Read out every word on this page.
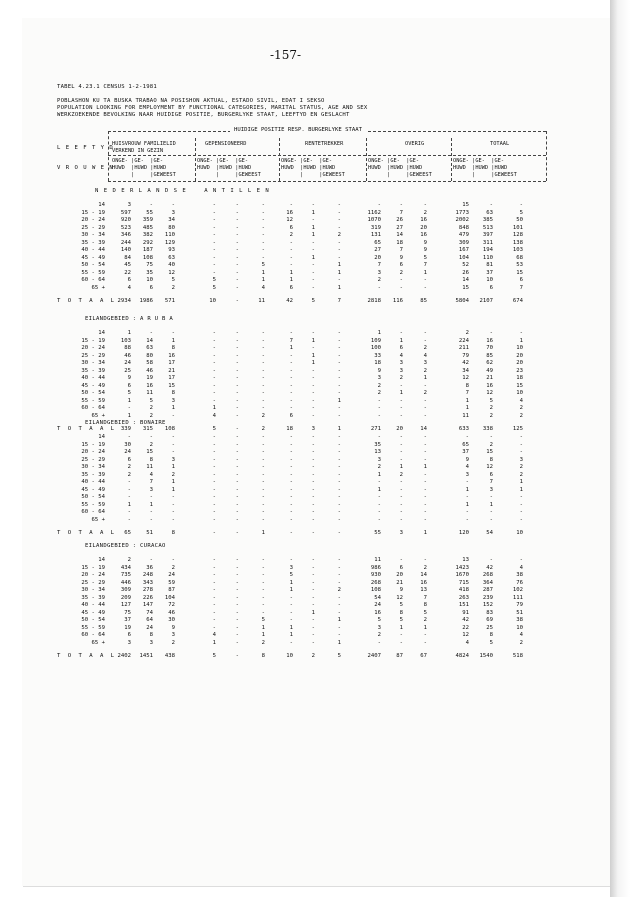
-157-
TABEL 4.23.1 CENSUS 1-2-1981
POBLASHON KU TA BUSKA TRABAO NA POSISHON AKTUAL, ESTADO SIVIL, EDAT I SEKSO
POPULATION LOOKING FOR EMPLOYMENT BY FUNCTIONAL CATEGORIES, MARITAL STATUS, AGE AND SEX
WERKZOEKENDE BEVOLKING NAAR HUIDIGE POSITIE, BURGERLYKE STAAT, LEEFTYD EN GESLACHT
HUIDIGE POSITIE RESP. BURGERLYKE STAAT
L E E F T Y D
V R O U W E N
HUISVROUW FAMILIELID
VERKEND IN GEZIN
GEPENSIONEERD	RENTETREKKER	OVERIG	TOTAAL
ONGE- |GE-  |GE-
HUWD  |HUWD |HUWD
|     |GEWEEST
ONGE- |GE-  |GE-
HUWD  |HUWD |HUWD
|     |GEWEEST
ONGE- |GE-  |GE-
HUWD  |HUWD |HUWD
|     |GEWEEST
ONGE- |GE-  |GE-
HUWD  |HUWD |HUWD
|     |GEWEEST
ONGE- |GE-  |GE-
HUWD  |HUWD |HUWD
|     |GEWEEST
N E D E R L A N D S E    A N T I L L E N
14	3	-	-	-	-	-	-	-	-	-	-	-	15	-	-
15 - 19	597	55	3	-	-	-	16	1	-	1162	7	2	1773	63	5
20 - 24	920	359	34	-	-	-	12	-	-	1070	26	16	2002	385	50
25 - 29	523	485	80	-	-	-	6	1	-	319	27	20	848	513	101
30 - 34	346	382	110	-	-	-	2	1	2	131	14	16	479	397	128
35 - 39	244	292	129	-	-	-	-	-	-	65	18	9	309	311	138
40 - 44	140	187	93	-	-	-	-	-	-	27	7	9	167	194	103
45 - 49	84	108	63	-	-	-	-	1	-	20	9	5	104	110	68
50 - 54	45	75	40	-	-	5	-	-	1	7	6	7	52	81	53
55 - 59	22	35	12	-	-	1	1	-	1	3	2	1	26	37	15
60 - 64	6	10	5	5	-	1	1	-	-	2	-	-	14	10	6
65 +	4	6	2	5	-	4	6	-	1	-	-	-	15	6	7
T O T A A L 2934	1986	571	10	-	11	42	5	7	2818	116	85	5804	2107	674
EILANDGEBIED : A R U B A
14	1	-	-	-	-	-	-	-	-	1	-	-	2	-	-
15 - 19	103	14	1	-	-	-	7	1	-	109	1	-	224	16	1
20 - 24	88	63	8	-	-	-	1	-	-	100	6	2	211	70	10
25 - 29	46	80	16	-	-	-	-	1	-	33	4	4	79	85	20
30 - 34	24	58	17	-	-	-	-	1	-	18	3	3	42	62	20
35 - 39	25	46	21	-	-	-	-	-	-	9	3	2	34	49	23
40 - 44	9	19	17	-	-	-	-	-	-	3	2	1	12	21	18
45 - 49	6	16	15	-	-	-	-	-	-	2	-	-	8	16	15
50 - 54	5	11	8	-	-	-	-	-	-	2	1	2	7	12	10
55 - 59	1	5	3	-	-	-	-	-	1	-	-	-	1	5	4
60 - 64	-	2	1	1	-	-	-	-	-	-	-	-	1	2	2
65 +	1	2	-	4	-	2	6	-	-	-	-	-	11	2	2
T O T A A L 339	315	108	5	-	2	18	3	1	271	20	14	633	338	125
EILANDGEBIED : BONAIRE
14	-	-	-	-	-	-	-	-	-	-	-	-	-	-	-
15 - 19	30	2	-	-	-	-	-	-	-	35	-	-	65	2	-
20 - 24	24	15	-	-	-	-	-	-	-	13	-	-	37	15	-
25 - 29	6	8	3	-	-	-	-	-	-	3	-	-	9	8	3
30 - 34	2	11	1	-	-	-	-	-	-	2	1	1	4	12	2
35 - 39	2	4	2	-	-	-	-	-	-	1	2	-	3	6	2
40 - 44	-	7	1	-	-	-	-	-	-	-	-	-	-	7	1
45 - 49	-	3	1	-	-	-	-	-	-	1	-	-	1	3	1
50 - 54	-	-	-	-	-	-	-	-	-	-	-	-	-	-	-
55 - 59	1	1	-	-	-	-	-	-	-	-	-	-	1	1	-
60 - 64	-	-	-	-	-	-	-	-	-	-	-	-	-	-	-
65 +	-	-	-	-	-	-	-	-	-	-	-	-	-	-	-
T O T A A L	65	51	8	-	-	1	-	-	-	55	3	1	120	54	10
EILANDGEBIED : CURACAO
14	2	-	-	-	-	-	-	-	-	11	-	-	13	-	-
15 - 19	434	36	2	-	-	-	3	-	-	986	6	2	1423	42	4
20 - 24	735	248	24	-	-	-	5	-	-	930	20	14	1670	268	38
25 - 29	446	343	59	-	-	-	1	-	-	268	21	16	715	364	76
30 - 34	309	278	87	-	-	-	1	-	2	108	9	13	418	287	102
35 - 39	209	226	104	-	-	-	-	-	-	54	12	7	263	239	111
40 - 44	127	147	72	-	-	-	-	-	-	24	5	8	151	152	79
45 - 49	75	74	46	-	-	-	-	1	-	16	8	5	91	83	51
50 - 54	37	64	30	-	-	5	-	-	1	5	5	2	42	69	38
55 - 59	19	24	9	-	-	1	1	-	-	3	1	1	22	25	10
60 - 64	6	8	3	4	-	1	1	-	-	2	-	-	12	8	4
65 +	3	3	2	1	-	2	-	-	1	-	-	-	4	5	2
T O T A A L 2402	1451	438	5	-	8	10	2	5	2407	87	67	4824	1540	518
